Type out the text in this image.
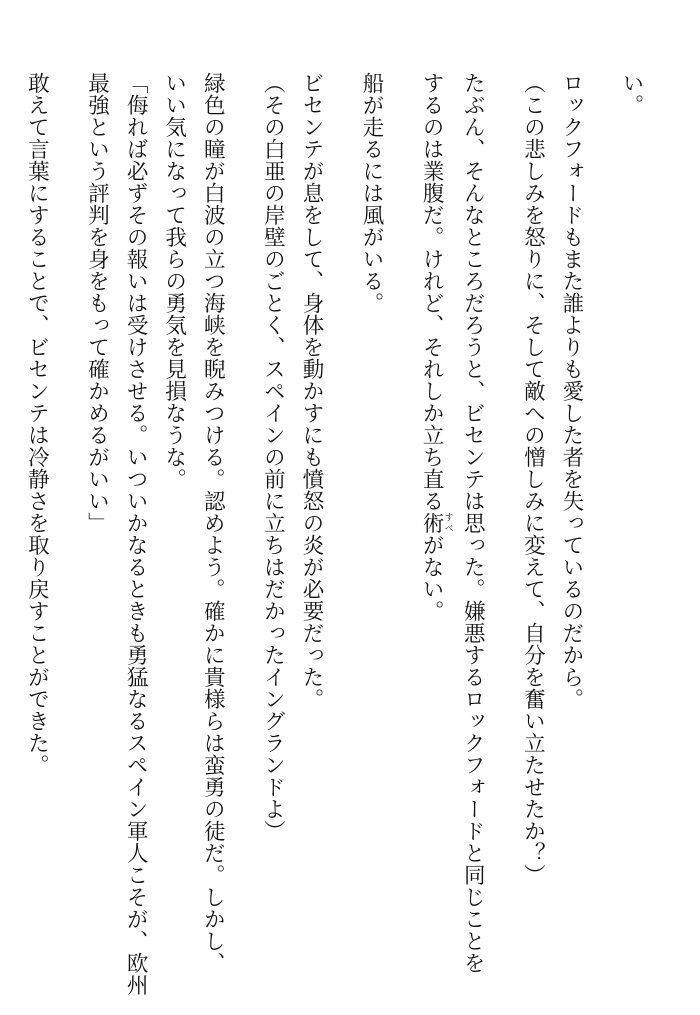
い。
ロックフォードもまた誰よりも愛した者を失っているのだから。
（この悲しみを怒りに、そして敵への憎しみに変えて、自分を奮い立たせたか？）
たぶん、そんなところだろうと、ビセンテは思った。嫌悪するロックフォードと同じことを
するのは業腹だ。けれど、それしか立ち直る術すべがない。
船が走るには風がいる。
ビセンテが息をして、身体を動かすにも憤怒の炎が必要だった。
（その白亜の岸壁のごとく、スペインの前に立ちはだかったイングランドよ）
緑色の瞳が白波の立つ海峡を睨みつける。認めよう。確かに貴様らは蛮勇の徒だ。しかし、
いい気になって我らの勇気を見損なうな。
「侮れば必ずその報いは受けさせる。いついかなるときも勇猛なるスペイン軍人こそが、欧州
最強という評判を身をもって確かめるがいい」
敢えて言葉にすることで、ビセンテは冷静さを取り戻すことができた。
